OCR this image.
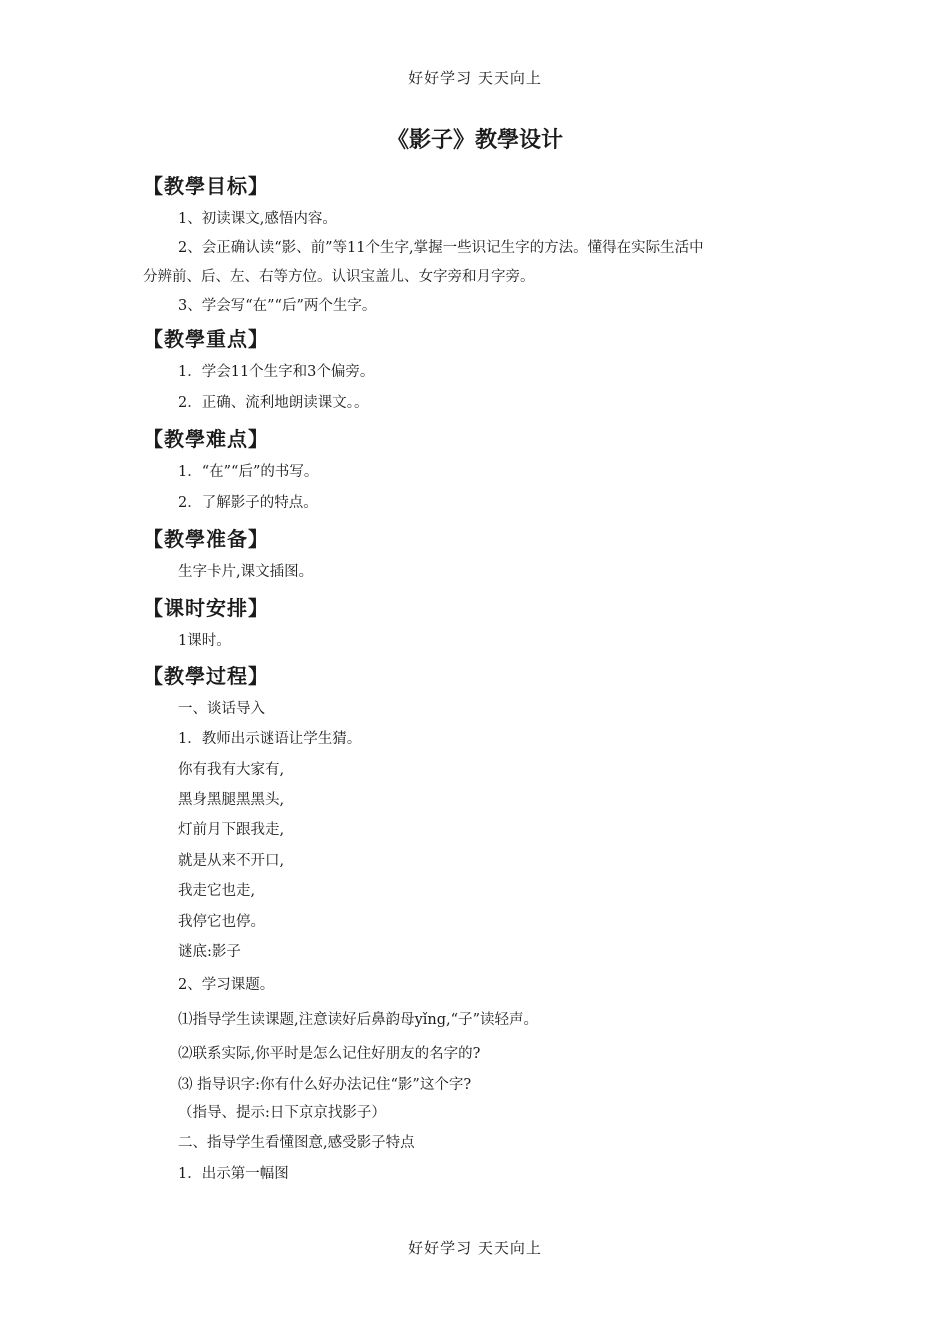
好好学习 天天向上
《影子》教學设计
【教學目标】
1、初读课文,感悟内容。
2、会正确认读“影、前”等11个生字,掌握一些识记生字的方法。懂得在实际生活中
分辨前、后、左、右等方位。认识宝盖儿、女字旁和月字旁。
3、学会写“在”“后”两个生字。
【教學重点】
1．学会11个生字和3个偏旁。
2．正确、流利地朗读课文。。
【教學难点】
1．“在”“后”的书写。
2．了解影子的特点。
【教學准备】
生字卡片,课文插图。
【课时安排】
1课时。
【教學过程】
一、谈话导入
1．教师出示谜语让学生猜。
你有我有大家有,
黑身黑腿黑黑头,
灯前月下跟我走,
就是从来不开口,
我走它也走,
我停它也停。
谜底:影子
2、学习课题。
⑴指导学生读课题,注意读好后鼻韵母yǐng,“子”读轻声。
⑵联系实际,你平时是怎么记住好朋友的名字的?
⑶ 指导识字:你有什么好办法记住“影”这个字?
（指导、提示:日下京京找影子）
二、指导学生看懂图意,感受影子特点
1．出示第一幅图
好好学习 天天向上
